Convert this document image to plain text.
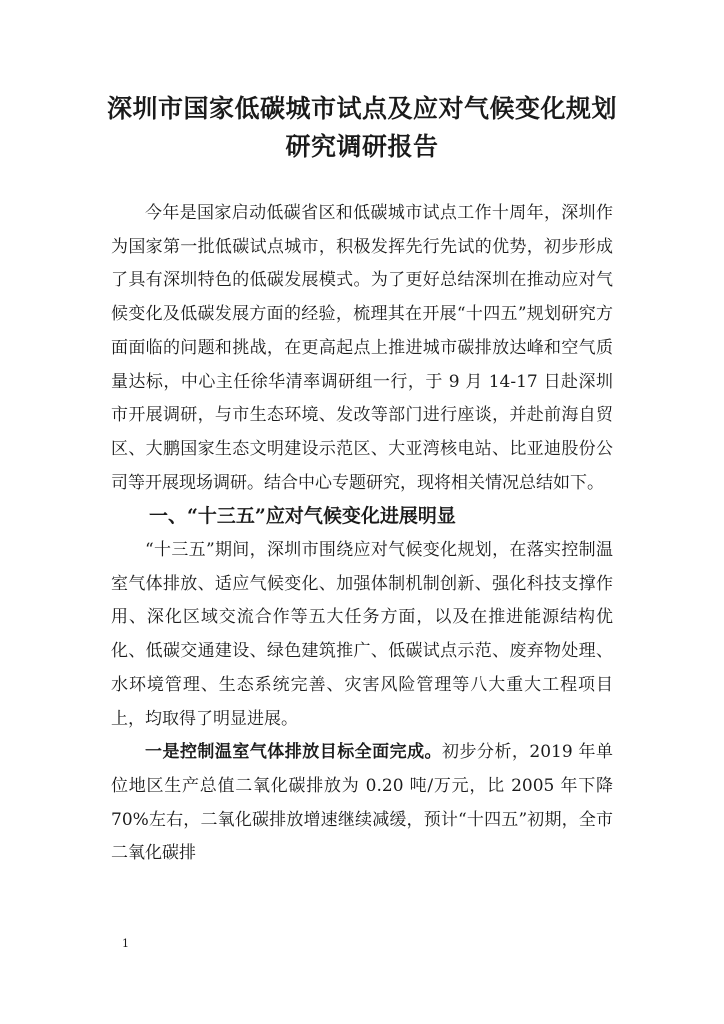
深圳市国家低碳城市试点及应对气候变化规划
研究调研报告

今年是国家启动低碳省区和低碳城市试点工作十周年，深圳作为国家第一批低碳试点城市，积极发挥先行先试的优势，初步形成了具有深圳特色的低碳发展模式。为了更好总结深圳在推动应对气候变化及低碳发展方面的经验，梳理其在开展“十四五”规划研究方面面临的问题和挑战，在更高起点上推进城市碳排放达峰和空气质量达标，中心主任徐华清率调研组一行，于 9 月 14-17 日赴深圳市开展调研，与市生态环境、发改等部门进行座谈，并赴前海自贸区、大鹏国家生态文明建设示范区、大亚湾核电站、比亚迪股份公司等开展现场调研。结合中心专题研究，现将相关情况总结如下。

一、“十三五”应对气候变化进展明显

“十三五”期间，深圳市围绕应对气候变化规划，在落实控制温室气体排放、适应气候变化、加强体制机制创新、强化科技支撑作用、深化区域交流合作等五大任务方面，以及在推进能源结构优化、低碳交通建设、绿色建筑推广、低碳试点示范、废弃物处理、水环境管理、生态系统完善、灾害风险管理等八大重大工程项目上，均取得了明显进展。

一是控制温室气体排放目标全面完成。初步分析，2019 年单位地区生产总值二氧化碳排放为 0.20 吨/万元，比 2005 年下降 70%左右，二氧化碳排放增速继续减缓，预计“十四五”初期，全市二氧化碳排

1
